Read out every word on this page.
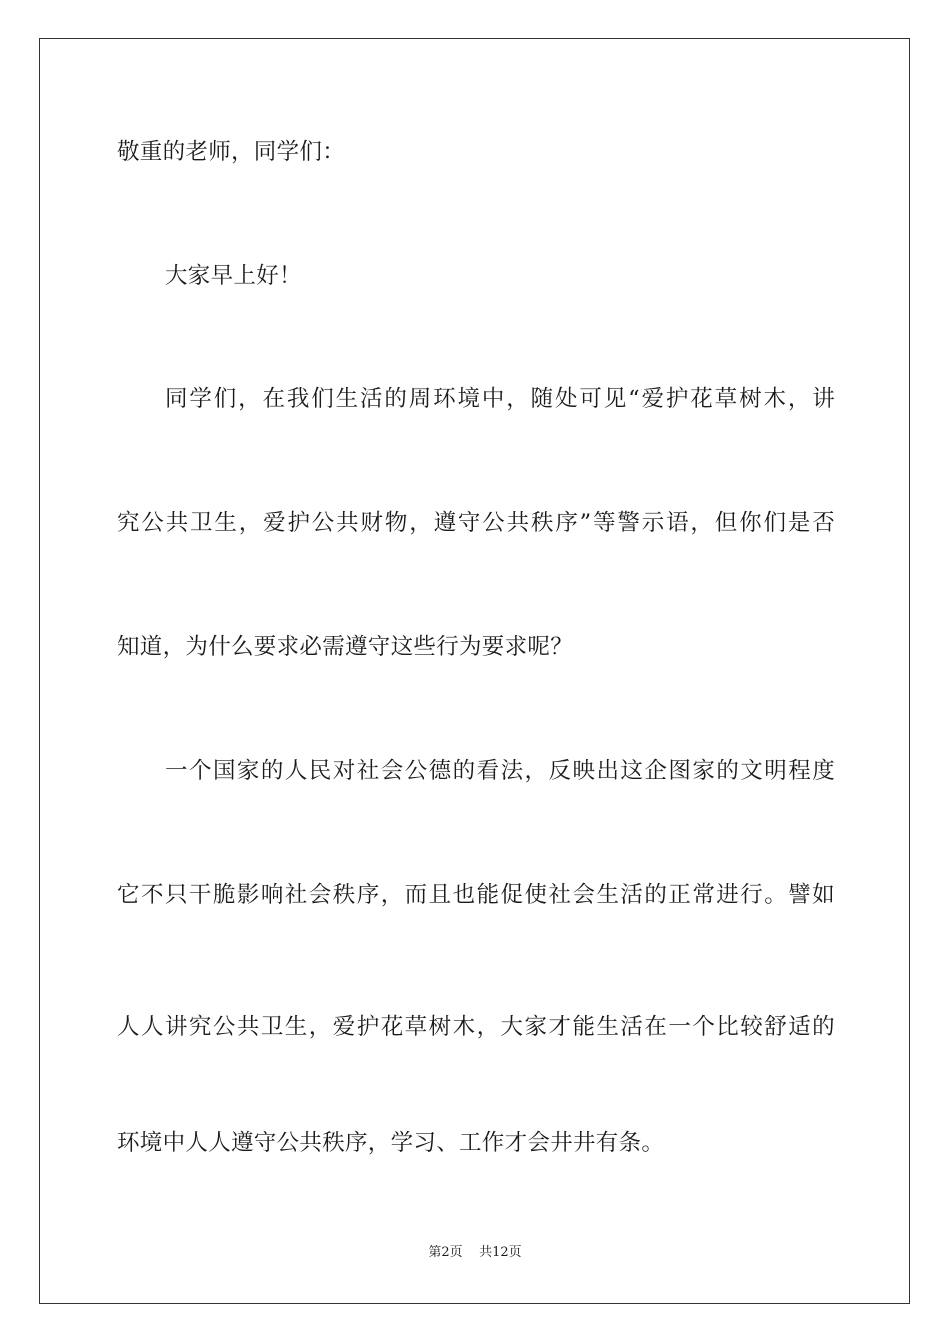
敬重的老师，同学们：
大家早上好！
同学们，在我们生活的周环境中，随处可见“爱护花草树木，讲
究公共卫生，爱护公共财物，遵守公共秩序”等警示语，但你们是否
知道，为什么要求必需遵守这些行为要求呢？
一个国家的人民对社会公德的看法，反映出这企图家的文明程度
它不只干脆影响社会秩序，而且也能促使社会生活的正常进行。譬如
人人讲究公共卫生，爱护花草树木，大家才能生活在一个比较舒适的
环境中人人遵守公共秩序，学习、工作才会井井有条。
第2页 共12页
